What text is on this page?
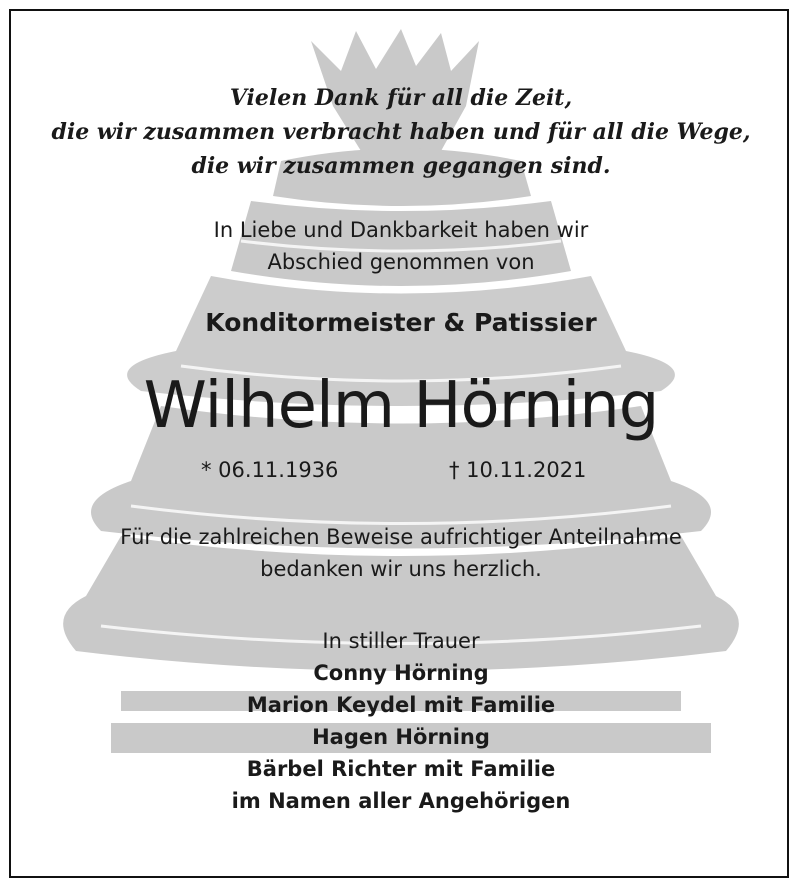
Vielen Dank für all die Zeit,
die wir zusammen verbracht haben und für all die Wege,
die wir zusammen gegangen sind.
In Liebe und Dankbarkeit haben wir
Abschied genommen von
Konditormeister & Patissier
Wilhelm Hörning
* 06.11.1936	† 10.11.2021
Für die zahlreichen Beweise aufrichtiger Anteilnahme
bedanken wir uns herzlich.
In stiller Trauer
Conny Hörning
Marion Keydel mit Familie
Hagen Hörning
Bärbel Richter mit Familie
im Namen aller Angehörigen
